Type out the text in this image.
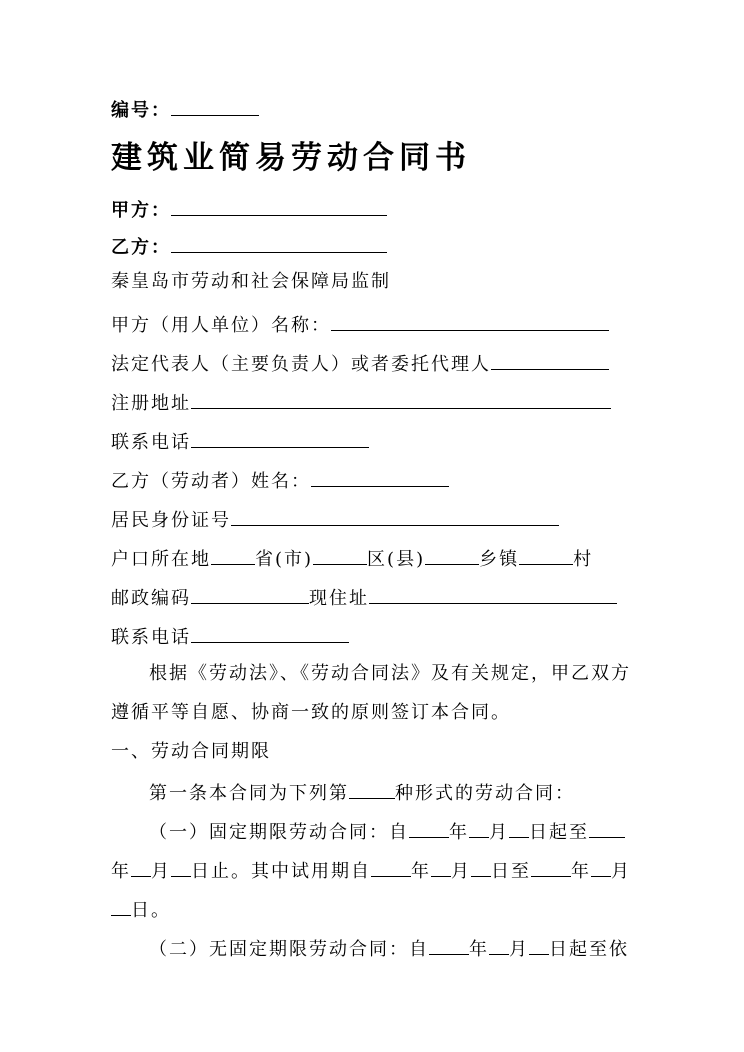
编号：
建筑业简易劳动合同书
甲方：
乙方：
秦皇岛市劳动和社会保障局监制
甲方（用人单位）名称：
法定代表人（主要负责人）或者委托代理人
注册地址
联系电话
乙方（劳动者）姓名：
居民身份证号
户口所在地 省(市)	区(县)	乡镇	村
邮政编码	现住址
联系电话
根据《劳动法》、《劳动合同法》及有关规定，甲乙双方
遵循平等自愿、协商一致的原则签订本合同。
一、劳动合同期限
第一条本合同为下列第	种形式的劳动合同：
（一）固定期限劳动合同：自 年 月 日起至
年 月 日止。其中试用期自 年 月 日至 年 月
日。
（二）无固定期限劳动合同：自 年 月 日起至依
